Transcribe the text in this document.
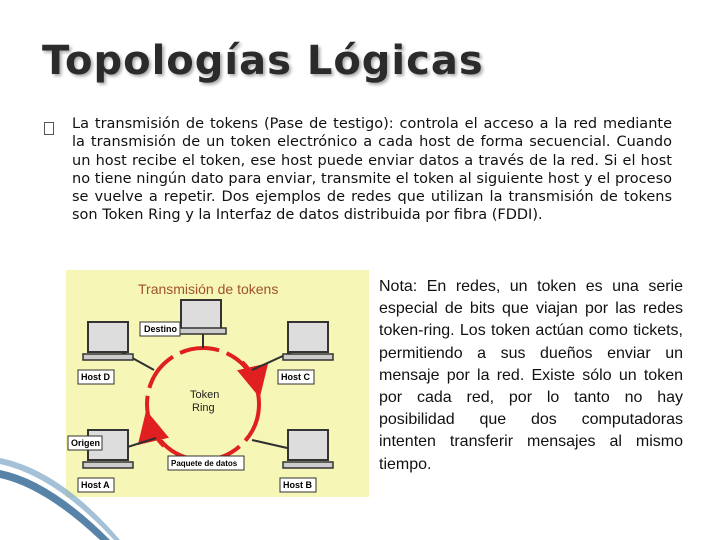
Topologías Lógicas

La transmisión de tokens (Pase de testigo): controla el acceso a la red mediante la transmisión de un token electrónico a cada host de forma secuencial. Cuando un host recibe el token, ese host puede enviar datos a través de la red. Si el host no tiene ningún dato para enviar, transmite el token al siguiente host y el proceso se vuelve a repetir. Dos ejemplos de redes que utilizan la transmisión de tokens son Token Ring y la Interfaz de datos distribuida por fibra (FDDI).

Transmisión de tokens
Token
Ring
Destino
Host D	Host C
Origen
Paquete de datos
Host A	Host B

Nota: En redes, un token es una serie especial de bits que viajan por las redes token-ring. Los token actúan como tickets, permitiendo a sus dueños enviar un mensaje por la red. Existe sólo un token por cada red, por lo tanto no hay posibilidad que dos computadoras intenten transferir mensajes al mismo tiempo.
